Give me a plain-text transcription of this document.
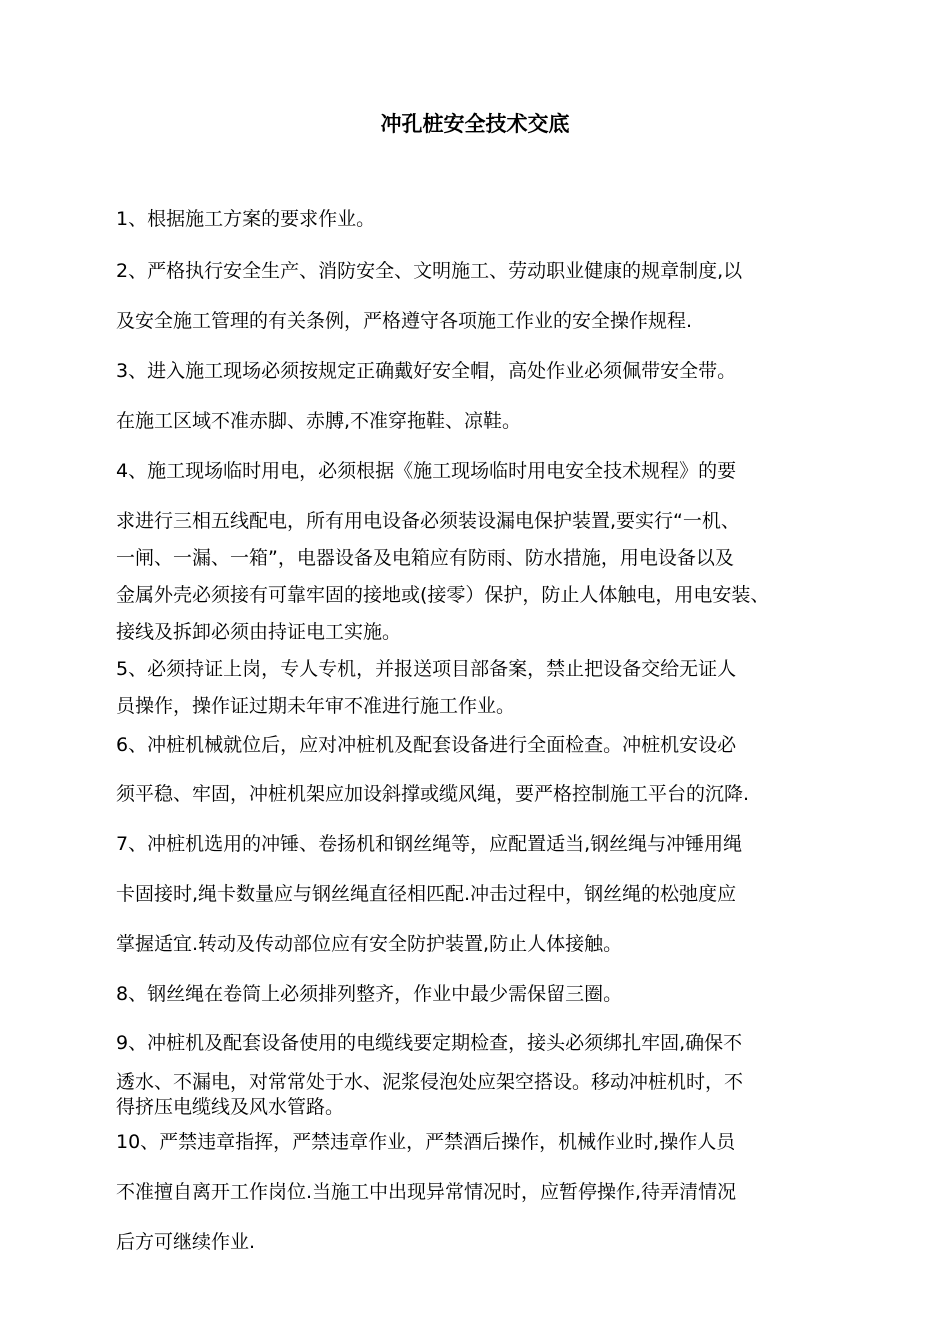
冲孔桩安全技术交底
1、根据施工方案的要求作业。
2、严格执行安全生产、消防安全、文明施工、劳动职业健康的规章制度,以
及安全施工管理的有关条例，严格遵守各项施工作业的安全操作规程.
3、进入施工现场必须按规定正确戴好安全帽，高处作业必须佩带安全带。
在施工区域不准赤脚、赤膊,不准穿拖鞋、凉鞋。
4、施工现场临时用电，必须根据《施工现场临时用电安全技术规程》的要
求进行三相五线配电，所有用电设备必须装设漏电保护装置,要实行“一机、
一闸、一漏、一箱”，电器设备及电箱应有防雨、防水措施，用电设备以及
金属外壳必须接有可靠牢固的接地或(接零）保护，防止人体触电，用电安装、
接线及拆卸必须由持证电工实施。
5、必须持证上岗，专人专机，并报送项目部备案，禁止把设备交给无证人
员操作，操作证过期未年审不准进行施工作业。
6、冲桩机械就位后，应对冲桩机及配套设备进行全面检查。冲桩机安设必
须平稳、牢固，冲桩机架应加设斜撑或缆风绳，要严格控制施工平台的沉降.
7、冲桩机选用的冲锤、卷扬机和钢丝绳等，应配置适当,钢丝绳与冲锤用绳
卡固接时,绳卡数量应与钢丝绳直径相匹配.冲击过程中，钢丝绳的松弛度应
掌握适宜.转动及传动部位应有安全防护装置,防止人体接触。
8、钢丝绳在卷筒上必须排列整齐，作业中最少需保留三圈。
9、冲桩机及配套设备使用的电缆线要定期检查，接头必须绑扎牢固,确保不
透水、不漏电，对常常处于水、泥浆侵泡处应架空搭设。移动冲桩机时，不
得挤压电缆线及风水管路。
10、严禁违章指挥，严禁违章作业，严禁酒后操作，机械作业时,操作人员
不准擅自离开工作岗位.当施工中出现异常情况时，应暂停操作,待弄清情况
后方可继续作业.
